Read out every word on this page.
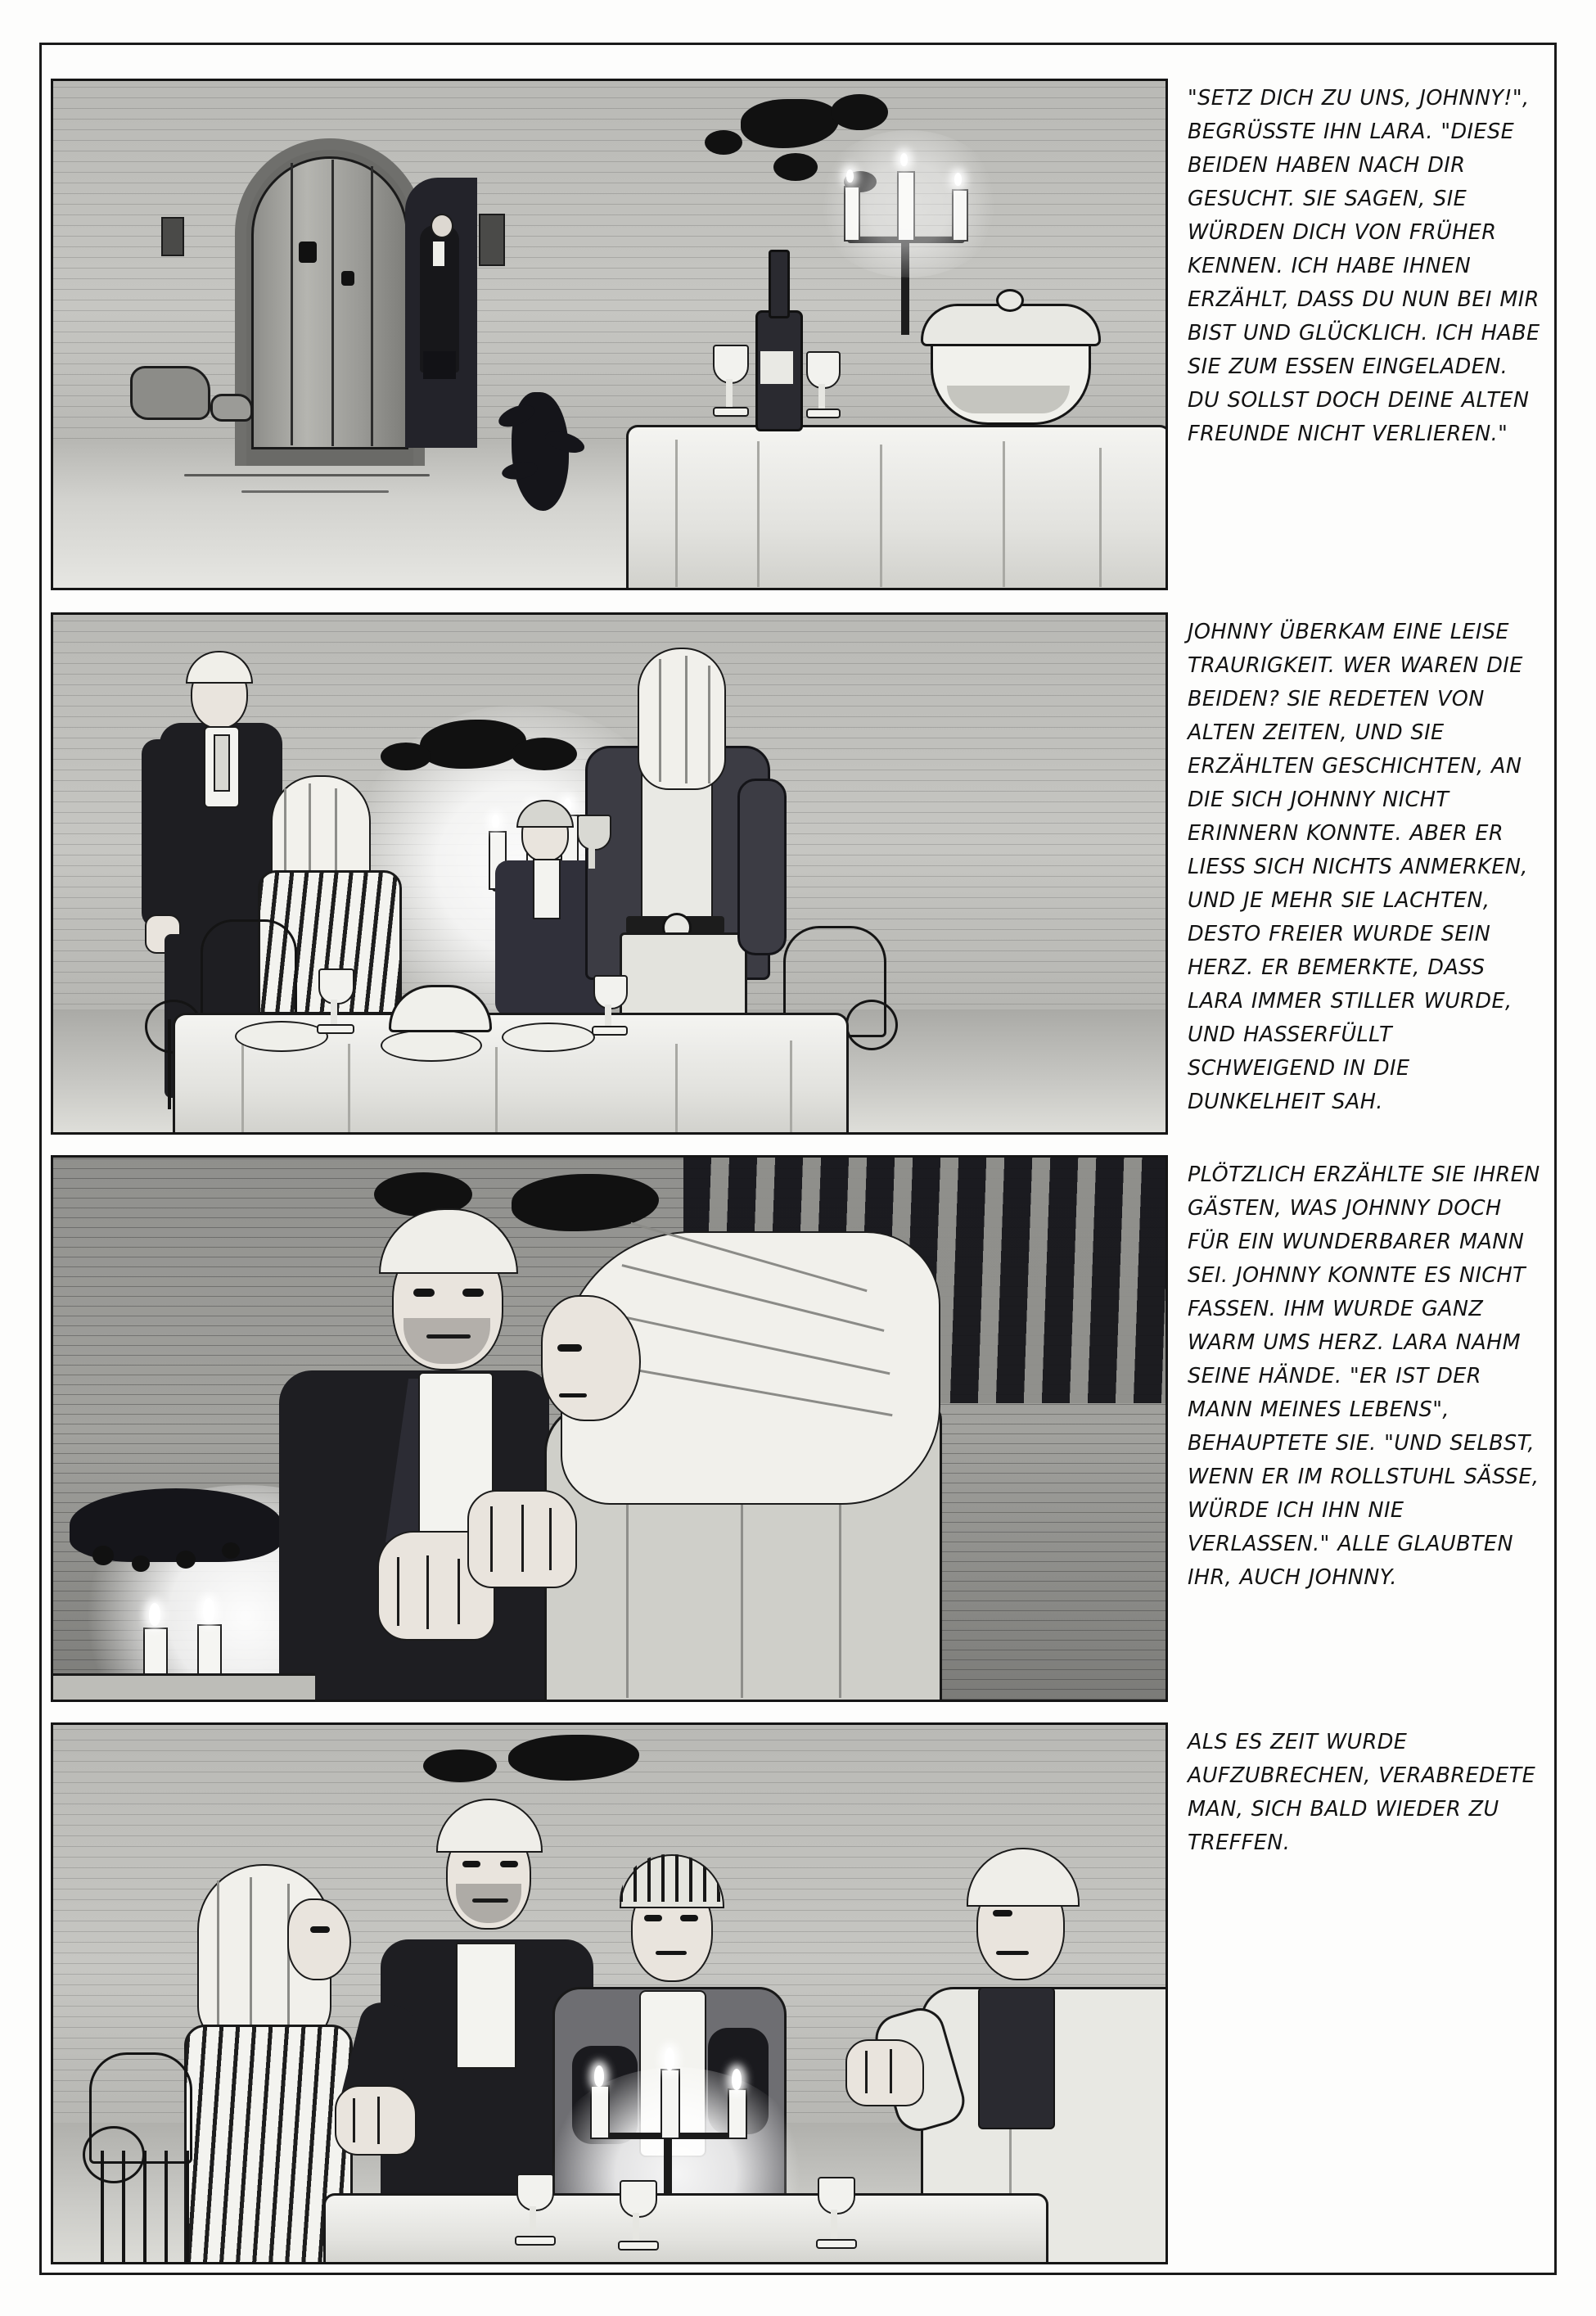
"SETZ DICH ZU UNS, JOHNNY!", BEGRÜSSTE IHN LARA. "DIESE BEIDEN HABEN NACH DIR GESUCHT. SIE SAGEN, SIE WÜRDEN DICH VON FRÜHER KENNEN. ICH HABE IHNEN ERZÄHLT, DASS DU NUN BEI MIR BIST UND GLÜCKLICH. ICH HABE SIE ZUM ESSEN EINGELADEN. DU SOLLST DOCH DEINE ALTEN FREUNDE NICHT VERLIEREN."

JOHNNY ÜBERKAM EINE LEISE TRAURIGKEIT. WER WAREN DIE BEIDEN? SIE REDETEN VON ALTEN ZEITEN, UND SIE ERZÄHLTEN GESCHICHTEN, AN DIE SICH JOHNNY NICHT ERINNERN KONNTE. ABER ER LIESS SICH NICHTS ANMERKEN, UND JE MEHR SIE LACHTEN, DESTO FREIER WURDE SEIN HERZ. ER BEMERKTE, DASS LARA IMMER STILLER WURDE, UND HASSERFÜLLT SCHWEIGEND IN DIE DUNKELHEIT SAH.

PLÖTZLICH ERZÄHLTE SIE IHREN GÄSTEN, WAS JOHNNY DOCH FÜR EIN WUNDERBARER MANN SEI. JOHNNY KONNTE ES NICHT FASSEN. IHM WURDE GANZ WARM UMS HERZ. LARA NAHM SEINE HÄNDE. "ER IST DER MANN MEINES LEBENS", BEHAUPTETE SIE. "UND SELBST, WENN ER IM ROLLSTUHL SÄSSE, WÜRDE ICH IHN NIE VERLASSEN." ALLE GLAUBTEN IHR, AUCH JOHNNY.

ALS ES ZEIT WURDE AUFZUBRECHEN, VERABREDETE MAN, SICH BALD WIEDER ZU TREFFEN.
